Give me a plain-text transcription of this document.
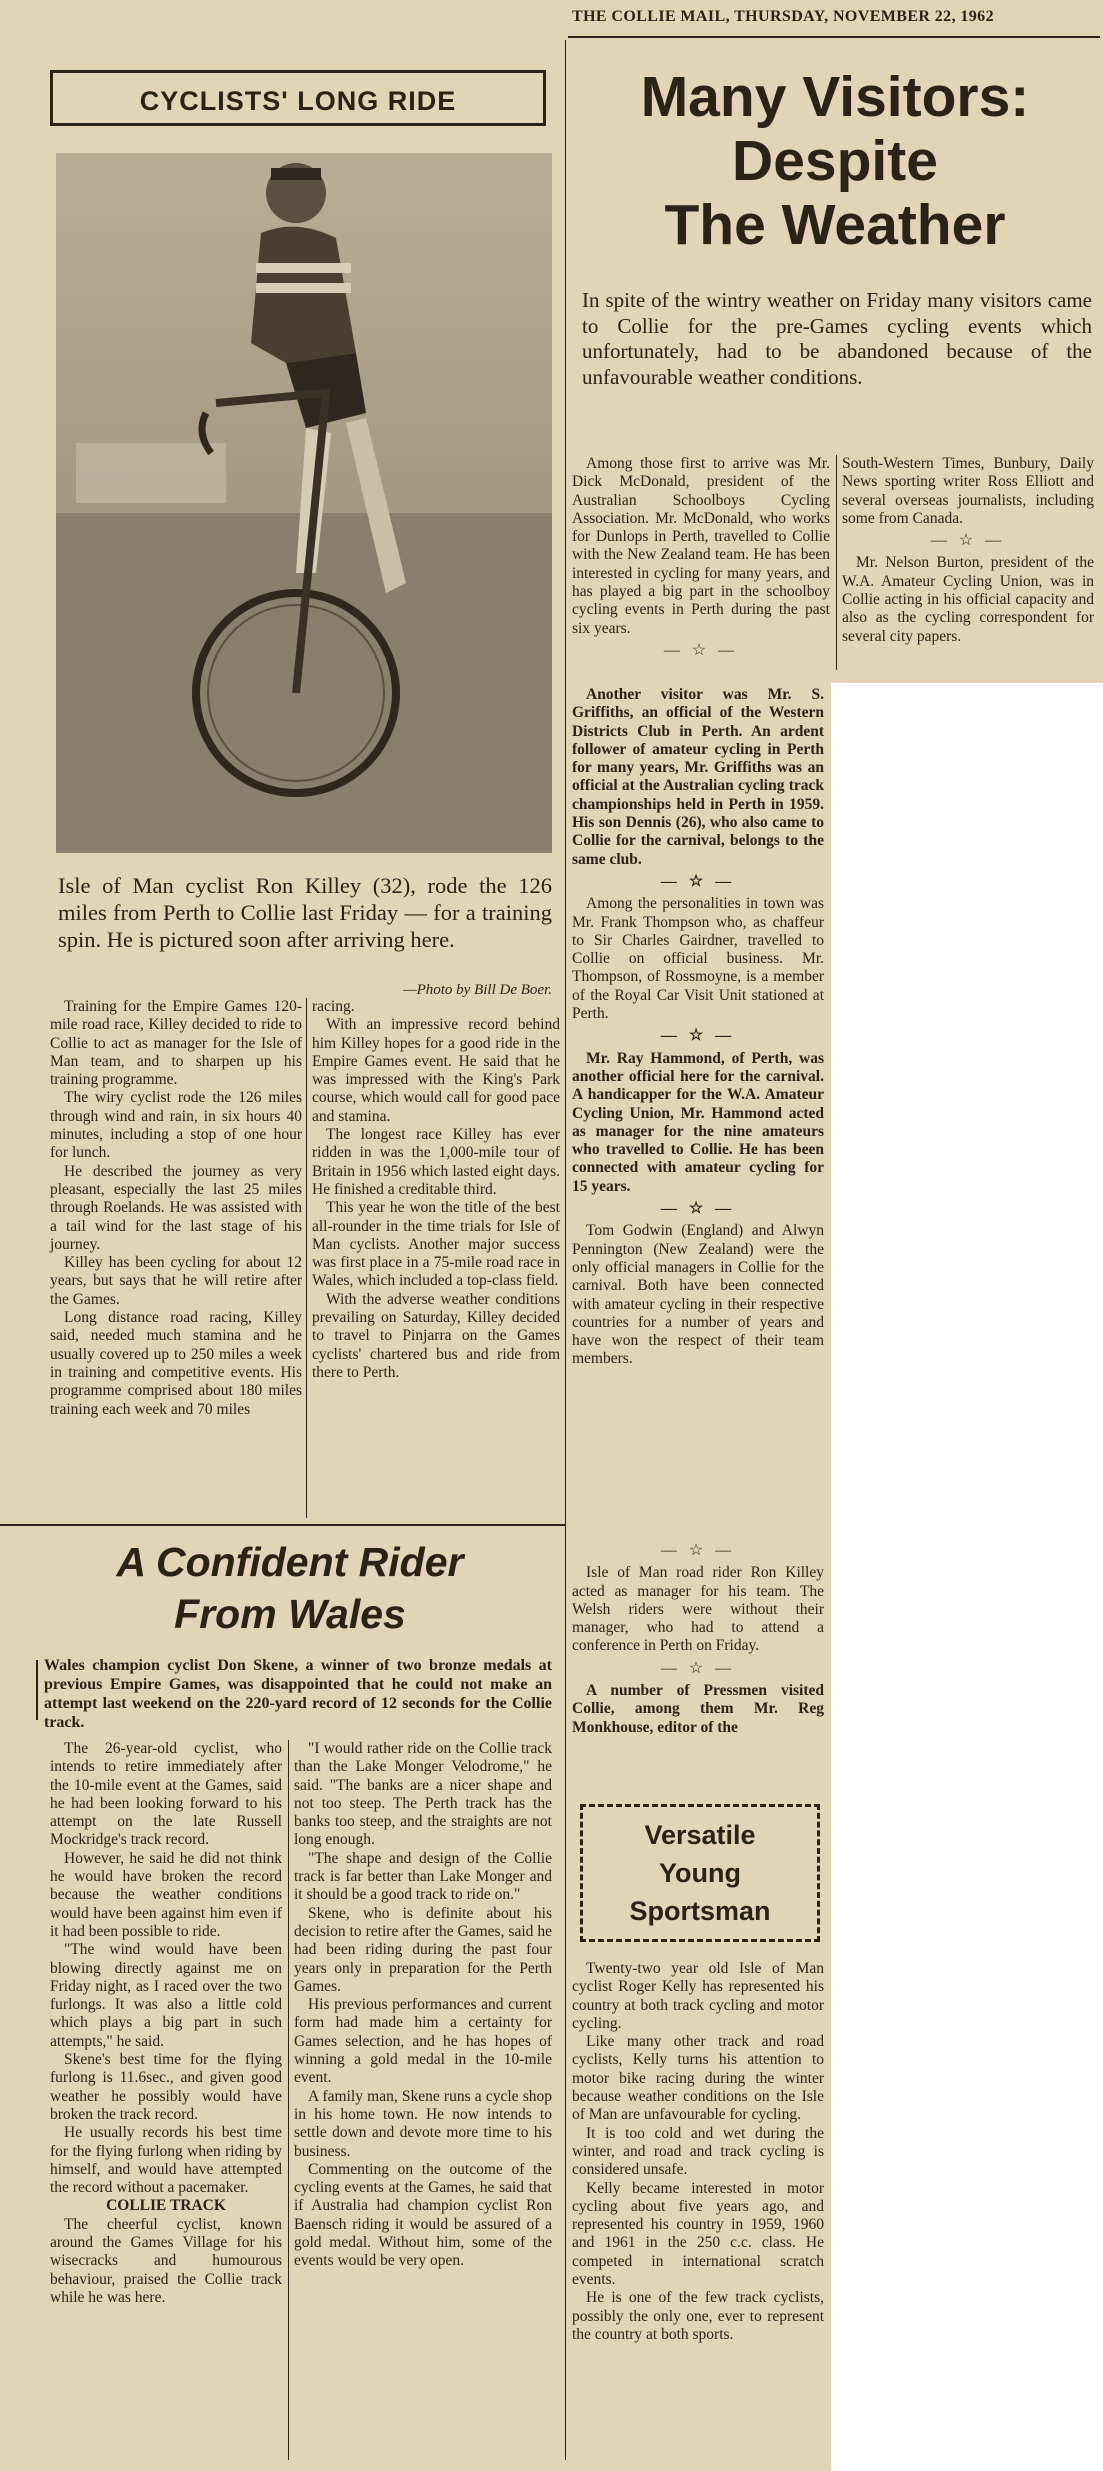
THE COLLIE MAIL, THURSDAY, NOVEMBER 22, 1962
CYCLISTS' LONG RIDE
Isle of Man cyclist Ron Killey (32), rode the 126 miles from Perth to Collie last Friday — for a training spin. He is pictured soon after arriving here.
—Photo by Bill De Boer.

Training for the Empire Games 120-mile road race, Killey decided to ride to Collie to act as manager for the Isle of Man team, and to sharpen up his training programme.

The wiry cyclist rode the 126 miles through wind and rain, in six hours 40 minutes, including a stop of one hour for lunch.

He described the journey as very pleasant, especially the last 25 miles through Roelands. He was assisted with a tail wind for the last stage of his journey.

Killey has been cycling for about 12 years, but says that he will retire after the Games.

Long distance road racing, Killey said, needed much stamina and he usually covered up to 250 miles a week in training and competitive events. His programme comprised about 180 miles training each week and 70 miles

racing.

With an impressive record behind him Killey hopes for a good ride in the Empire Games event. He said that he was impressed with the King's Park course, which would call for good pace and stamina.

The longest race Killey has ever ridden in was the 1,000-mile tour of Britain in 1956 which lasted eight days. He finished a creditable third.

This year he won the title of the best all-rounder in the time trials for Isle of Man cyclists. Another major success was first place in a 75-mile road race in Wales, which included a top-class field.

With the adverse weather conditions prevailing on Saturday, Killey decided to travel to Pinjarra on the Games cyclists' chartered bus and ride from there to Perth.

Many Visitors:
Despite
The Weather
In spite of the wintry weather on Friday many visitors came to Collie for the pre-Games cycling events which unfortunately, had to be abandoned because of the unfavourable weather conditions.

Among those first to arrive was Mr. Dick McDonald, president of the Australian Schoolboys Cycling Association. Mr. McDonald, who works for Dunlops in Perth, travelled to Collie with the New Zealand team. He has been interested in cycling for many years, and has played a big part in the schoolboy cycling events in Perth during the past six years.

— ☆ —

South-Western Times, Bunbury, Daily News sporting writer Ross Elliott and several overseas journalists, including some from Canada.

— ☆ —

Mr. Nelson Burton, president of the W.A. Amateur Cycling Union, was in Collie acting in his official capacity and also as the cycling correspondent for several city papers.

Another visitor was Mr. S. Griffiths, an official of the Western Districts Club in Perth. An ardent follower of amateur cycling in Perth for many years, Mr. Griffiths was an official at the Australian cycling track championships held in Perth in 1959. His son Dennis (26), who also came to Collie for the carnival, belongs to the same club.

— ☆ —

Among the personalities in town was Mr. Frank Thompson who, as chaffeur to Sir Charles Gairdner, travelled to Collie on official business. Mr. Thompson, of Rossmoyne, is a member of the Royal Car Visit Unit stationed at Perth.

— ☆ —

Mr. Ray Hammond, of Perth, was another official here for the carnival. A handicapper for the W.A. Amateur Cycling Union, Mr. Hammond acted as manager for the nine amateurs who travelled to Collie. He has been connected with amateur cycling for 15 years.

— ☆ —

Tom Godwin (England) and Alwyn Pennington (New Zealand) were the only official managers in Collie for the carnival. Both have been connected with amateur cycling in their respective countries for a number of years and have won the respect of their team members.

— ☆ —

Isle of Man road rider Ron Killey acted as manager for his team. The Welsh riders were without their manager, who had to attend a conference in Perth on Friday.

— ☆ —

A number of Pressmen visited Collie, among them Mr. Reg Monkhouse, editor of the

A Confident Rider
From Wales
Wales champion cyclist Don Skene, a winner of two bronze medals at previous Empire Games, was disappointed that he could not make an attempt last weekend on the 220-yard record of 12 seconds for the Collie track.

The 26-year-old cyclist, who intends to retire immediately after the 10-mile event at the Games, said he had been looking forward to his attempt on the late Russell Mockridge's track record.

However, he said he did not think he would have broken the record because the weather conditions would have been against him even if it had been possible to ride.

"The wind would have been blowing directly against me on Friday night, as I raced over the two furlongs. It was also a little cold which plays a big part in such attempts," he said.

Skene's best time for the flying furlong is 11.6sec., and given good weather he possibly would have broken the track record.

He usually records his best time for the flying furlong when riding by himself, and would have attempted the record without a pacemaker.

COLLIE TRACK

The cheerful cyclist, known around the Games Village for his wisecracks and humourous behaviour, praised the Collie track while he was here.

"I would rather ride on the Collie track than the Lake Monger Velodrome," he said. "The banks are a nicer shape and not too steep. The Perth track has the banks too steep, and the straights are not long enough.

"The shape and design of the Collie track is far better than Lake Monger and it should be a good track to ride on."

Skene, who is definite about his decision to retire after the Games, said he had been riding during the past four years only in preparation for the Perth Games.

His previous performances and current form had made him a certainty for Games selection, and he has hopes of winning a gold medal in the 10-mile event.

A family man, Skene runs a cycle shop in his home town. He now intends to settle down and devote more time to his business.

Commenting on the outcome of the cycling events at the Games, he said that if Australia had champion cyclist Ron Baensch riding it would be assured of a gold medal. Without him, some of the events would be very open.

Versatile
Young
Sportsman

Twenty-two year old Isle of Man cyclist Roger Kelly has represented his country at both track cycling and motor cycling.

Like many other track and road cyclists, Kelly turns his attention to motor bike racing during the winter because weather conditions on the Isle of Man are unfavourable for cycling.

It is too cold and wet during the winter, and road and track cycling is considered unsafe.

Kelly became interested in motor cycling about five years ago, and represented his country in 1959, 1960 and 1961 in the 250 c.c. class. He competed in international scratch events.

He is one of the few track cyclists, possibly the only one, ever to represent the country at both sports.
